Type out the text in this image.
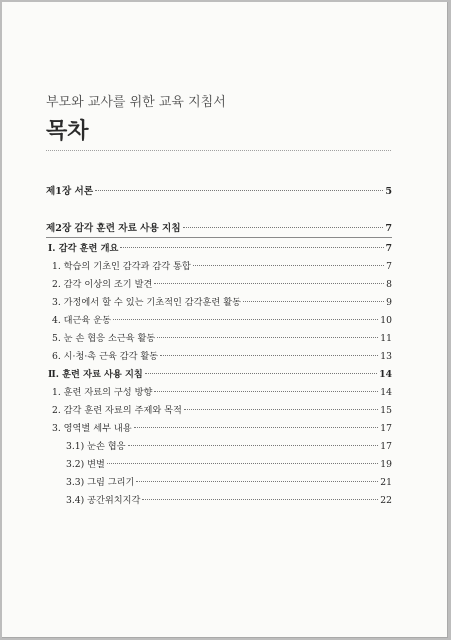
부모와 교사를 위한 교육 지침서
목차
제1장 서론	5
제2장 감각 훈련 자료 사용 지침	7
Ⅰ. 감각 훈련 개요	7
1. 학습의 기초인 감각과 감각 통합	7
2. 감각 이상의 조기 발견	8
3. 가정에서 할 수 있는 기초적인 감각훈련 활동	9
4. 대근육 운동	10
5. 눈 손 협응 소근육 활동	11
6. 시·청·촉 근육 감각 활동	13
Ⅱ. 훈련 자료 사용 지침	14
1. 훈련 자료의 구성 방향	14
2. 감각 훈련 자료의 주제와 목적	15
3. 영역별 세부 내용	17
3.1) 눈손 협응	17
3.2) 변별	19
3.3) 그림 그리기	21
3.4) 공간위치지각	22
